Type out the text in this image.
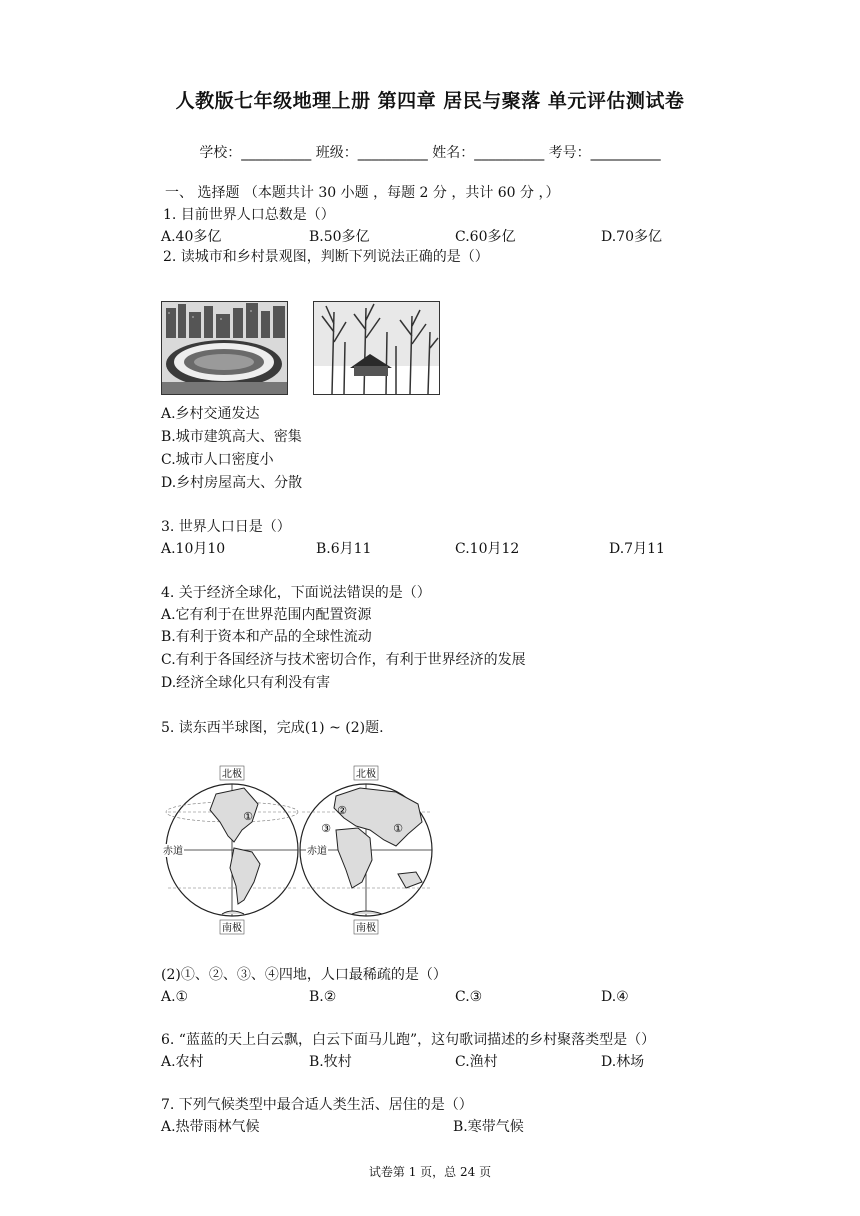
人教版七年级地理上册 第四章 居民与聚落 单元评估测试卷
学校：__________ 班级：__________ 姓名：__________ 考号：__________
一、 选择题 （本题共计 30 小题 ，每题 2 分 ，共计 60 分 ，）
1. 目前世界人口总数是（）
A.40多亿	B.50多亿	C.60多亿	D.70多亿
2. 读城市和乡村景观图，判断下列说法正确的是（）
A.乡村交通发达
B.城市建筑高大、密集
C.城市人口密度小
D.乡村房屋高大、分散
3. 世界人口日是（）
A.10月10	B.6月11	C.10月12	D.7月11
4. 关于经济全球化，下面说法错误的是（）
A.它有利于在世界范围内配置资源
B.有利于资本和产品的全球性流动
C.有利于各国经济与技术密切合作，有利于世界经济的发展
D.经济全球化只有利没有害
5. 读东西半球图，完成(1) ~ (2)题.
北极	北极
南极	南极
赤道	赤道
①	②
③	①
(2)①、②、③、④四地，人口最稀疏的是（）
A.①	B.②	C.③	D.④
6. “蓝蓝的天上白云飘，白云下面马儿跑”，这句歌词描述的乡村聚落类型是（）
A.农村	B.牧村	C.渔村	D.林场
7. 下列气候类型中最合适人类生活、居住的是（）
A.热带雨林气候	B.寒带气候
试卷第 1 页，总 24 页
